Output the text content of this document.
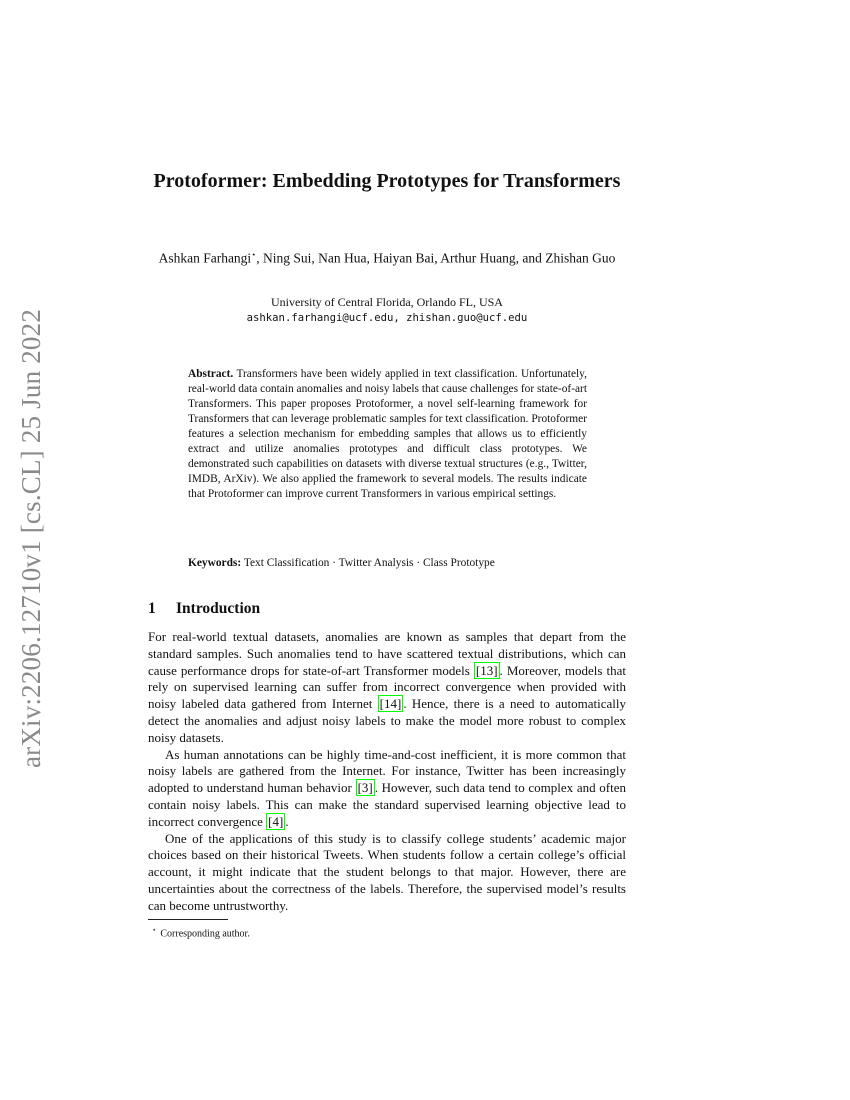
arXiv:2206.12710v1 [cs.CL] 25 Jun 2022
Protoformer: Embedding Prototypes for Transformers
Ashkan Farhangi⋆, Ning Sui, Nan Hua, Haiyan Bai, Arthur Huang, and Zhishan Guo
University of Central Florida, Orlando FL, USA
ashkan.farhangi@ucf.edu, zhishan.guo@ucf.edu

Abstract. Transformers have been widely applied in text classification. Unfortunately, real-world data contain anomalies and noisy labels that cause challenges for state-of-art Transformers. This paper proposes Protoformer, a novel self-learning framework for Transformers that can leverage problematic samples for text classification. Protoformer features a selection mechanism for embedding samples that allows us to efficiently extract and utilize anomalies prototypes and difficult class prototypes. We demonstrated such capabilities on datasets with diverse textual structures (e.g., Twitter, IMDB, ArXiv). We also applied the framework to several models. The results indicate that Protoformer can improve current Transformers in various empirical settings.

Keywords: Text Classification · Twitter Analysis · Class Prototype

1 Introduction

For real-world textual datasets, anomalies are known as samples that depart from the standard samples. Such anomalies tend to have scattered textual distributions, which can cause performance drops for state-of-art Transformer models [13] . Moreover, models that rely on supervised learning can suffer from incorrect convergence when provided with noisy labeled data gathered from Internet [14] . Hence, there is a need to automatically detect the anomalies and adjust noisy labels to make the model more robust to complex noisy datasets.

As human annotations can be highly time-and-cost inefficient, it is more common that noisy labels are gathered from the Internet. For instance, Twitter has been increasingly adopted to understand human behavior [3] . However, such data tend to complex and often contain noisy labels. This can make the standard supervised learning objective lead to incorrect convergence [4] .

One of the applications of this study is to classify college students’ academic major choices based on their historical Tweets. When students follow a certain college’s official account, it might indicate that the student belongs to that major. However, there are uncertainties about the correctness of the labels. Therefore, the supervised model’s results can become untrustworthy.

⋆ Corresponding author.
